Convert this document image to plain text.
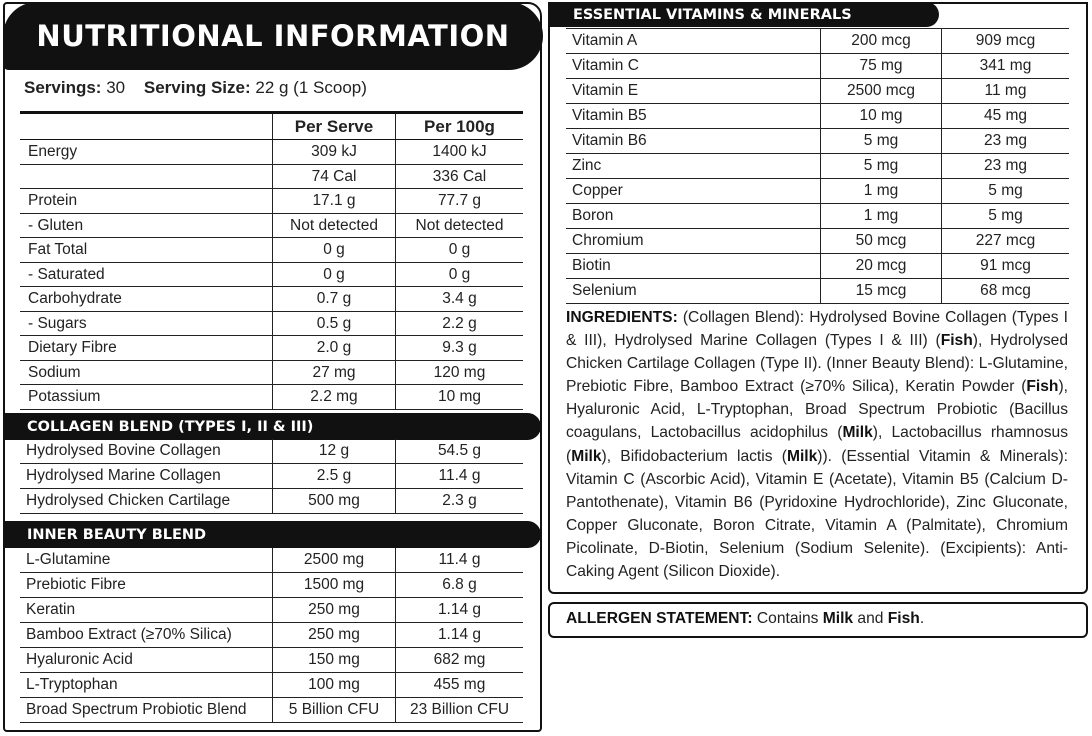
NUTRITIONAL INFORMATION
Servings: 30 Serving Size: 22 g (1 Scoop)
	Per Serve	Per 100g
Energy	309 kJ	1400 kJ
	74 Cal	336 Cal
Protein	17.1 g	77.7 g
- Gluten	Not detected	Not detected
Fat Total	0 g	0 g
- Saturated	0 g	0 g
Carbohydrate	0.7 g	3.4 g
- Sugars	0.5 g	2.2 g
Dietary Fibre	2.0 g	9.3 g
Sodium	27 mg	120 mg
Potassium	2.2 mg	10 mg
COLLAGEN BLEND (TYPES I, II & III)
Hydrolysed Bovine Collagen	12 g	54.5 g
Hydrolysed Marine Collagen	2.5 g	11.4 g
Hydrolysed Chicken Cartilage	500 mg	2.3 g
INNER BEAUTY BLEND
L-Glutamine	2500 mg	11.4 g
Prebiotic Fibre	1500 mg	6.8 g
Keratin	250 mg	1.14 g
Bamboo Extract (≥70% Silica)	250 mg	1.14 g
Hyaluronic Acid	150 mg	682 mg
L-Tryptophan	100 mg	455 mg
Broad Spectrum Probiotic Blend	5 Billion CFU	23 Billion CFU
ESSENTIAL VITAMINS & MINERALS
Vitamin A	200 mcg	909 mcg
Vitamin C	75 mg	341 mg
Vitamin E	2500 mcg	11 mg
Vitamin B5	10 mg	45 mg
Vitamin B6	5 mg	23 mg
Zinc	5 mg	23 mg
Copper	1 mg	5 mg
Boron	1 mg	5 mg
Chromium	50 mcg	227 mcg
Biotin	20 mcg	91 mcg
Selenium	15 mcg	68 mcg
INGREDIENTS: (Collagen Blend): Hydrolysed Bovine Collagen (Types I & III), Hydrolysed Marine Collagen (Types I & III) (Fish), Hydrolysed Chicken Cartilage Collagen (Type II). (Inner Beauty Blend): L-Glutamine, Prebiotic Fibre, Bamboo Extract (≥70% Silica), Keratin Powder (Fish), Hyaluronic Acid, L-Tryptophan, Broad Spectrum Probiotic (Bacillus coagulans, Lactobacillus acidophilus (Milk), Lactobacillus rhamnosus (Milk), Bifidobacterium lactis (Milk)). (Essential Vitamin & Minerals): Vitamin C (Ascorbic Acid), Vitamin E (Acetate), Vitamin B5 (Calcium D-Pantothenate), Vitamin B6 (Pyridoxine Hydrochloride), Zinc Gluconate, Copper Gluconate, Boron Citrate, Vitamin A (Palmitate), Chromium Picolinate, D-Biotin, Selenium (Sodium Selenite). (Excipients): Anti-Caking Agent (Silicon Dioxide).
ALLERGEN STATEMENT: Contains Milk and Fish.
